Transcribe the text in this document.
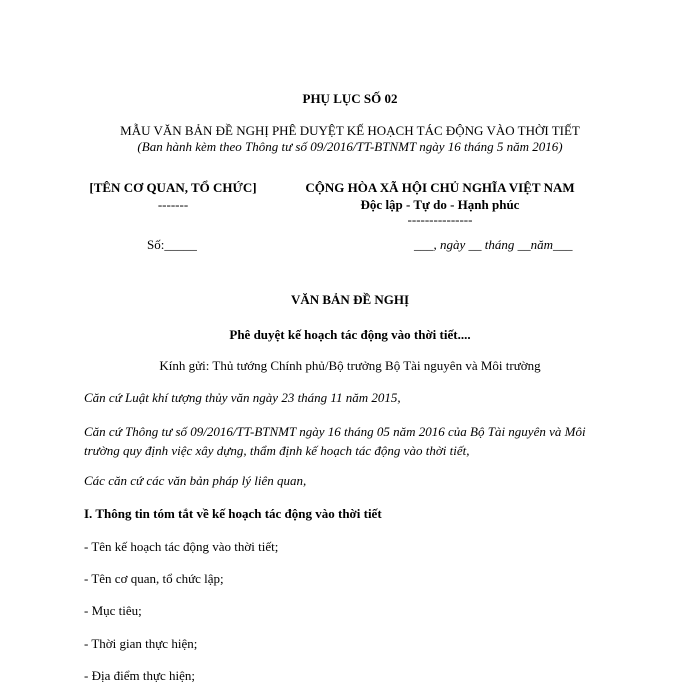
PHỤ LỤC SỐ 02
MẪU VĂN BẢN ĐỀ NGHỊ PHÊ DUYỆT KẾ HOẠCH TÁC ĐỘNG VÀO THỜI TIẾT
(Ban hành kèm theo Thông tư số 09/2016/TT-BTNMT ngày 16 tháng 5 năm 2016)
[TÊN CƠ QUAN, TỔ CHỨC]
-------
CỘNG HÒA XÃ HỘI CHỦ NGHĨA VIỆT NAM
Độc lập - Tự do - Hạnh phúc
---------------
Số:_____	___, ngày __ tháng __năm___
VĂN BẢN ĐỀ NGHỊ
Phê duyệt kế hoạch tác động vào thời tiết....
Kính gửi: Thủ tướng Chính phủ/Bộ trưởng Bộ Tài nguyên và Môi trường
Căn cứ Luật khí tượng thủy văn ngày 23 tháng 11 năm 2015,
Căn cứ Thông tư số 09/2016/TT-BTNMT ngày 16 tháng 05 năm 2016 của Bộ Tài nguyên và Môi trường quy định việc xây dựng, thẩm định kế hoạch tác động vào thời tiết,
Các căn cứ các văn bản pháp lý liên quan,
I. Thông tin tóm tắt về kế hoạch tác động vào thời tiết
- Tên kế hoạch tác động vào thời tiết;
- Tên cơ quan, tổ chức lập;
- Mục tiêu;
- Thời gian thực hiện;
- Địa điểm thực hiện;
